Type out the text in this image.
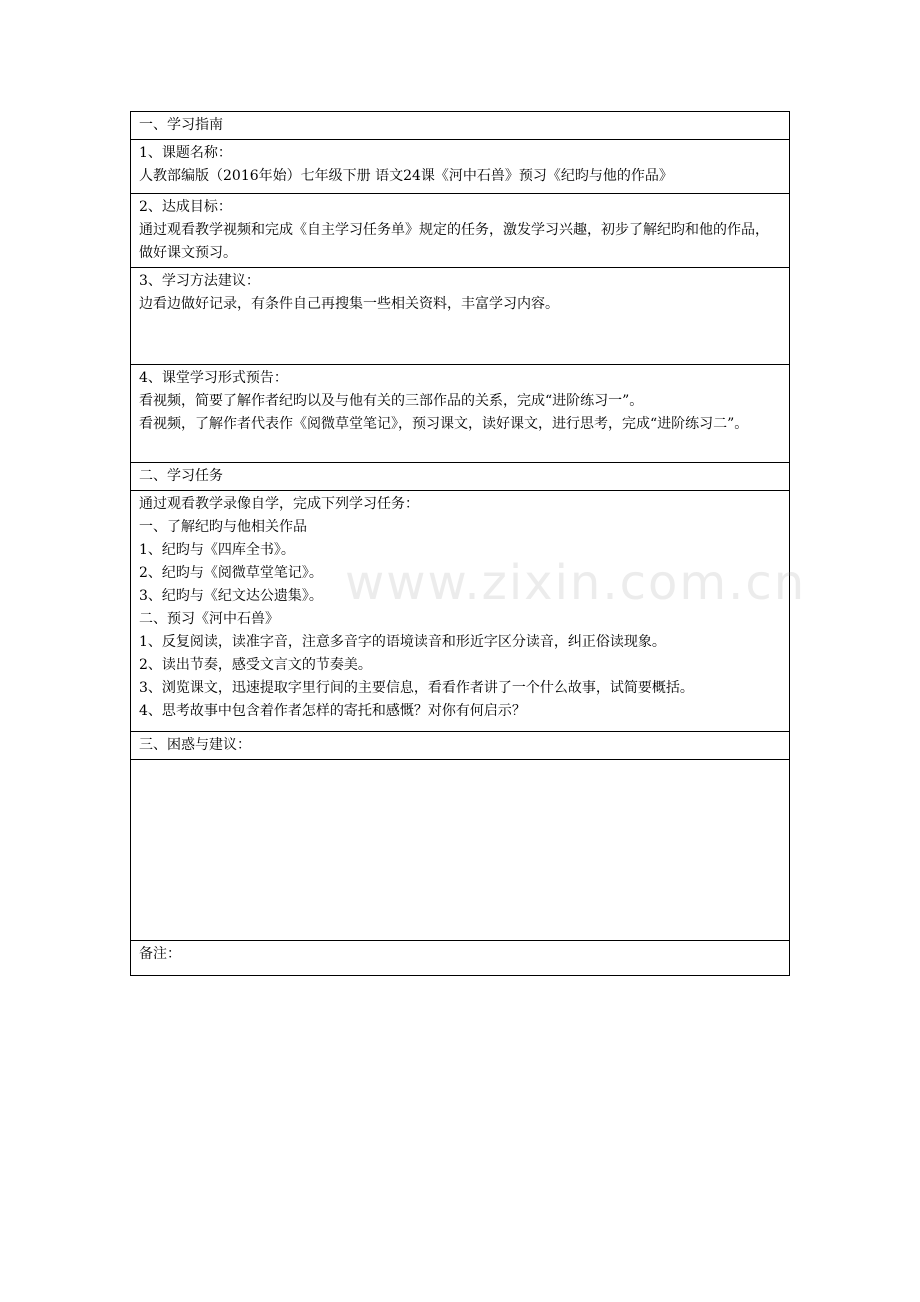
一、学习指南

1、课题名称：
人教部编版（2016年始）七年级下册 语文24课《河中石兽》预习《纪昀与他的作品》

2、达成目标：
通过观看教学视频和完成《自主学习任务单》规定的任务，激发学习兴趣，初步了解纪昀和他的作品，做好课文预习。

3、学习方法建议：
边看边做好记录，有条件自己再搜集一些相关资料，丰富学习内容。

4、课堂学习形式预告：
看视频，简要了解作者纪昀以及与他有关的三部作品的关系，完成“进阶练习一”。
看视频，了解作者代表作《阅微草堂笔记》，预习课文，读好课文，进行思考，完成“进阶练习二”。

二、学习任务

通过观看教学录像自学，完成下列学习任务：
一、了解纪昀与他相关作品
1、纪昀与《四库全书》。
2、纪昀与《阅微草堂笔记》。
3、纪昀与《纪文达公遗集》。
二、预习《河中石兽》
1、反复阅读，读准字音，注意多音字的语境读音和形近字区分读音，纠正俗读现象。
2、读出节奏，感受文言文的节奏美。
3、浏览课文，迅速提取字里行间的主要信息，看看作者讲了一个什么故事，试简要概括。
4、思考故事中包含着作者怎样的寄托和感慨？对你有何启示？

三、困惑与建议：

备注：
www.zixin.com.cn
